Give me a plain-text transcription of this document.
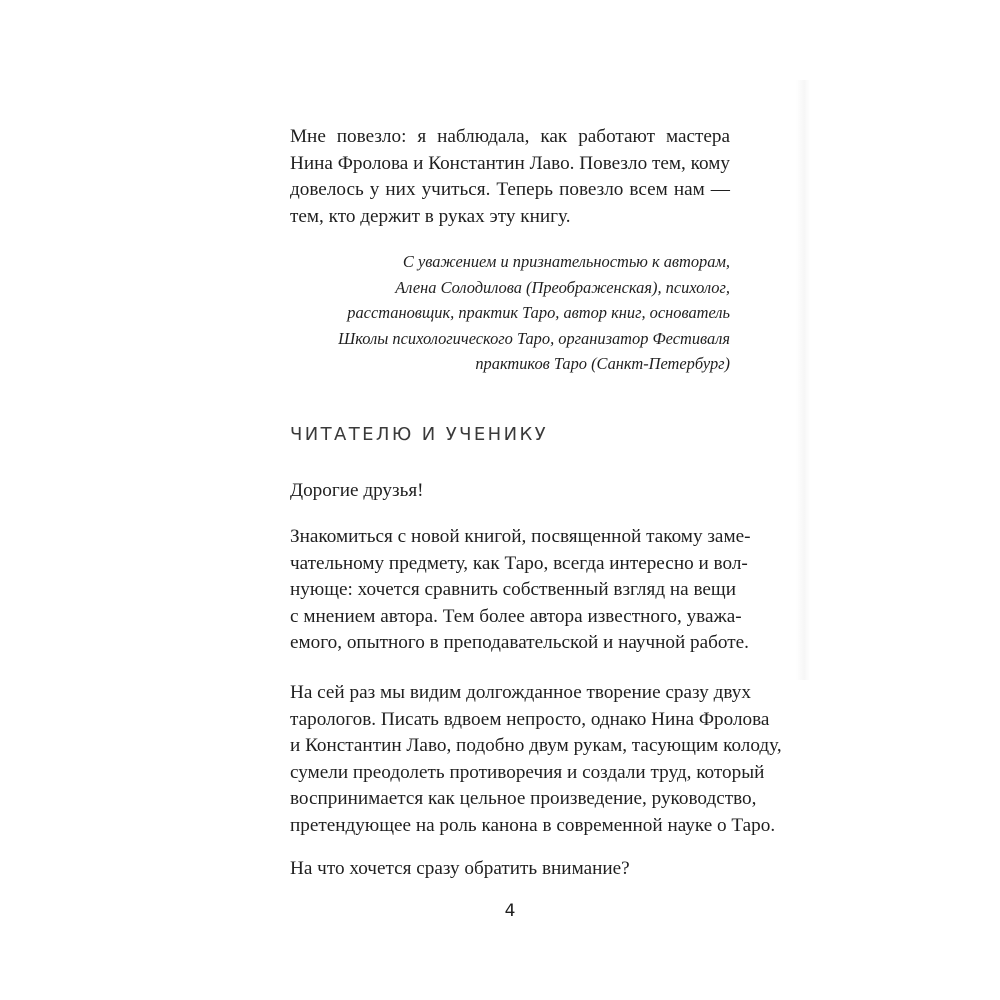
Мне повезло: я наблюдала, как работают мастера
Нина Фролова и Константин Лаво. Повезло тем, кому
довелось у них учиться. Теперь повезло всем нам —
тем, кто держит в руках эту книгу.

С уважением и признательностью к авторам,
Алена Солодилова (Преображенская), психолог,
расстановщик, практик Таро, автор книг, основатель
Школы психологического Таро, организатор Фестиваля
практиков Таро (Санкт-Петербург)
ЧИТАТЕЛЮ И УЧЕНИКУ

Дорогие друзья!

Знакомиться с новой книгой, посвященной такому заме-
чательному предмету, как Таро, всегда интересно и вол-
нующе: хочется сравнить собственный взгляд на вещи
с мнением автора. Тем более автора известного, уважа-
емого, опытного в преподавательской и научной работе.

На сей раз мы видим долгожданное творение сразу двух
тарологов. Писать вдвоем непросто, однако Нина Фролова
и Константин Лаво, подобно двум рукам, тасующим колоду,
сумели преодолеть противоречия и создали труд, который
воспринимается как цельное произведение, руководство,
претендующее на роль канона в современной науке о Таро.

На что хочется сразу обратить внимание?

4
